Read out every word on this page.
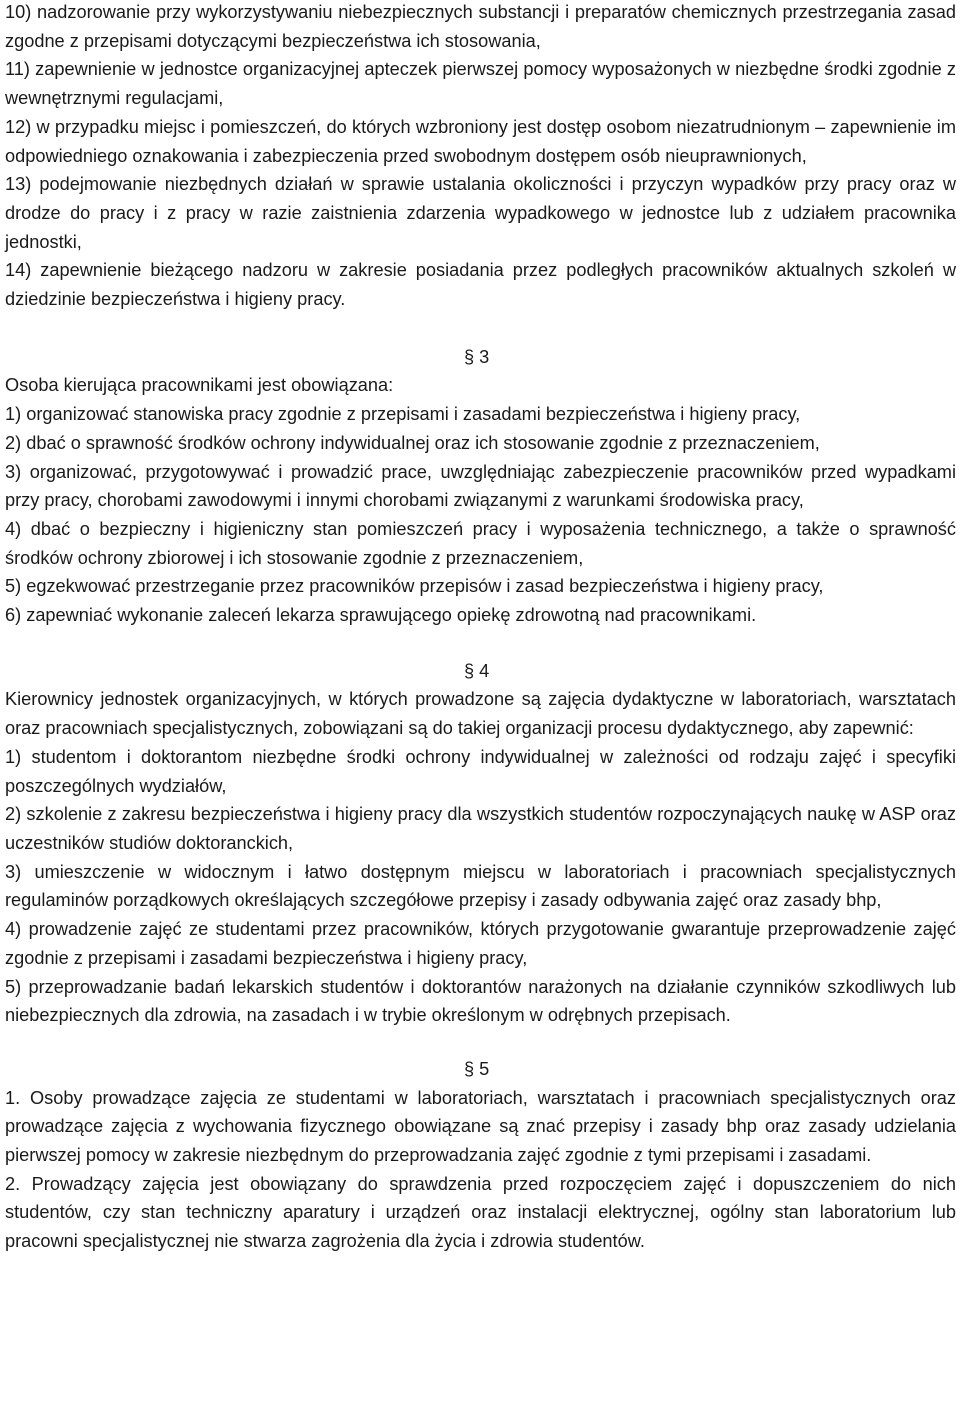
10) nadzorowanie przy wykorzystywaniu niebezpiecznych substancji i preparatów chemicznych przestrzegania zasad zgodne z przepisami dotyczącymi bezpieczeństwa ich stosowania,

11) zapewnienie w jednostce organizacyjnej apteczek pierwszej pomocy wyposażonych w niezbędne środki zgodnie z wewnętrznymi regulacjami,

12) w przypadku miejsc i pomieszczeń, do których wzbroniony jest dostęp osobom niezatrudnionym – zapewnienie im odpowiedniego oznakowania i zabezpieczenia przed swobodnym dostępem osób nieuprawnionych,

13) podejmowanie niezbędnych działań w sprawie ustalania okoliczności i przyczyn wypadków przy pracy oraz w drodze do pracy i z pracy w razie zaistnienia zdarzenia wypadkowego w jednostce lub z udziałem pracownika jednostki,

14) zapewnienie bieżącego nadzoru w zakresie posiadania przez podległych pracowników aktualnych szkoleń w dziedzinie bezpieczeństwa i higieny pracy.

§ 3

Osoba kierująca pracownikami jest obowiązana:

1) organizować stanowiska pracy zgodnie z przepisami i zasadami bezpieczeństwa i higieny pracy,

2) dbać o sprawność środków ochrony indywidualnej oraz ich stosowanie zgodnie z przeznaczeniem,

3) organizować, przygotowywać i prowadzić prace, uwzględniając zabezpieczenie pracowników przed wypadkami przy pracy, chorobami zawodowymi i innymi chorobami związanymi z warunkami środowiska pracy,

4) dbać o bezpieczny i higieniczny stan pomieszczeń pracy i wyposażenia technicznego, a także o sprawność środków ochrony zbiorowej i ich stosowanie zgodnie z przeznaczeniem,

5) egzekwować przestrzeganie przez pracowników przepisów i zasad bezpieczeństwa i higieny pracy,

6) zapewniać wykonanie zaleceń lekarza sprawującego opiekę zdrowotną nad pracownikami.

§ 4

Kierownicy jednostek organizacyjnych, w których prowadzone są zajęcia dydaktyczne w laboratoriach, warsztatach oraz pracowniach specjalistycznych, zobowiązani są do takiej organizacji procesu dydaktycznego, aby zapewnić:

1) studentom i doktorantom niezbędne środki ochrony indywidualnej w zależności od rodzaju zajęć i specyfiki poszczególnych wydziałów,

2) szkolenie z zakresu bezpieczeństwa i higieny pracy dla wszystkich studentów rozpoczynających naukę w ASP oraz uczestników studiów doktoranckich,

3) umieszczenie w widocznym i łatwo dostępnym miejscu w laboratoriach i pracowniach specjalistycznych regulaminów porządkowych określających szczegółowe przepisy i zasady odbywania zajęć oraz zasady bhp,

4) prowadzenie zajęć ze studentami przez pracowników, których przygotowanie gwarantuje przeprowadzenie zajęć zgodnie z przepisami i zasadami bezpieczeństwa i higieny pracy,

5) przeprowadzanie badań lekarskich studentów i doktorantów narażonych na działanie czynników szkodliwych lub niebezpiecznych dla zdrowia, na zasadach i w trybie określonym w odrębnych przepisach.

§ 5

1. Osoby prowadzące zajęcia ze studentami w laboratoriach, warsztatach i pracowniach specjalistycznych oraz prowadzące zajęcia z wychowania fizycznego obowiązane są znać przepisy i zasady bhp oraz zasady udzielania pierwszej pomocy w zakresie niezbędnym do przeprowadzania zajęć zgodnie z tymi przepisami i zasadami.

2. Prowadzący zajęcia jest obowiązany do sprawdzenia przed rozpoczęciem zajęć i dopuszczeniem do nich studentów, czy stan techniczny aparatury i urządzeń oraz instalacji elektrycznej, ogólny stan laboratorium lub pracowni specjalistycznej nie stwarza zagrożenia dla życia i zdrowia studentów.
